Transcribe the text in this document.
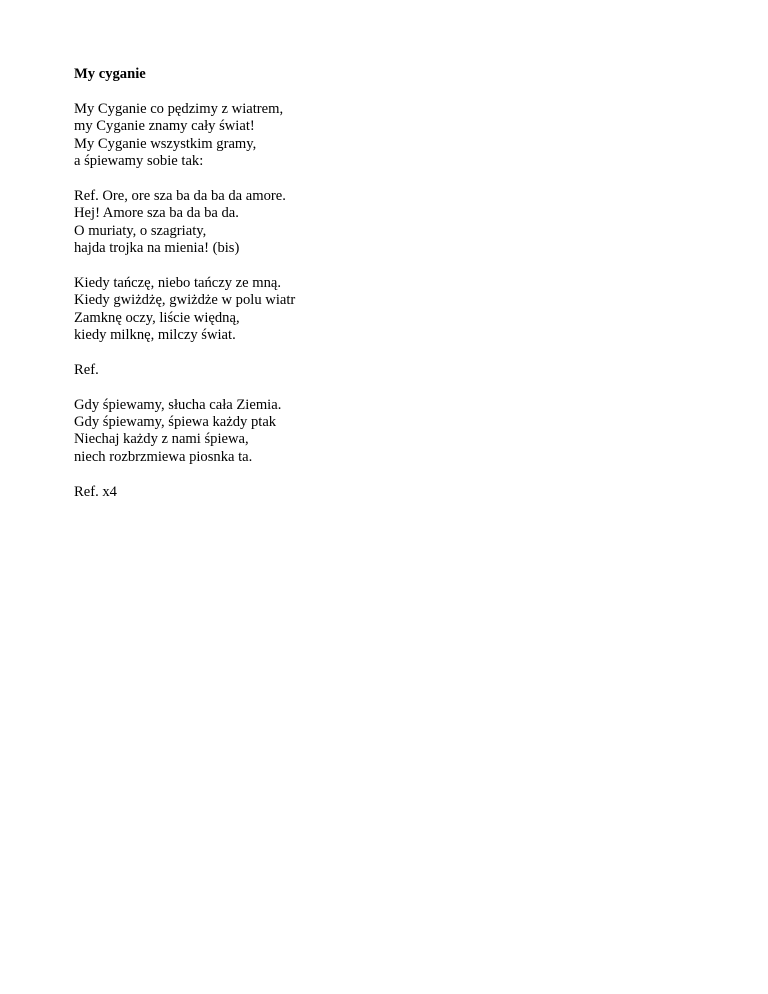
My cyganie
My Cyganie co pędzimy z wiatrem,
my Cyganie znamy cały świat!
My Cyganie wszystkim gramy,
a śpiewamy sobie tak:
Ref. Ore, ore sza ba da ba da amore.
Hej! Amore sza ba da ba da.
O muriaty, o szagriaty,
hajda trojka na mienia! (bis)
Kiedy tańczę, niebo tańczy ze mną.
Kiedy gwiżdżę, gwiżdże w polu wiatr
Zamknę oczy, liście więdną,
kiedy milknę, milczy świat.
Ref.
Gdy śpiewamy, słucha cała Ziemia.
Gdy śpiewamy, śpiewa każdy ptak
Niechaj każdy z nami śpiewa,
niech rozbrzmiewa piosnka ta.
Ref. x4
